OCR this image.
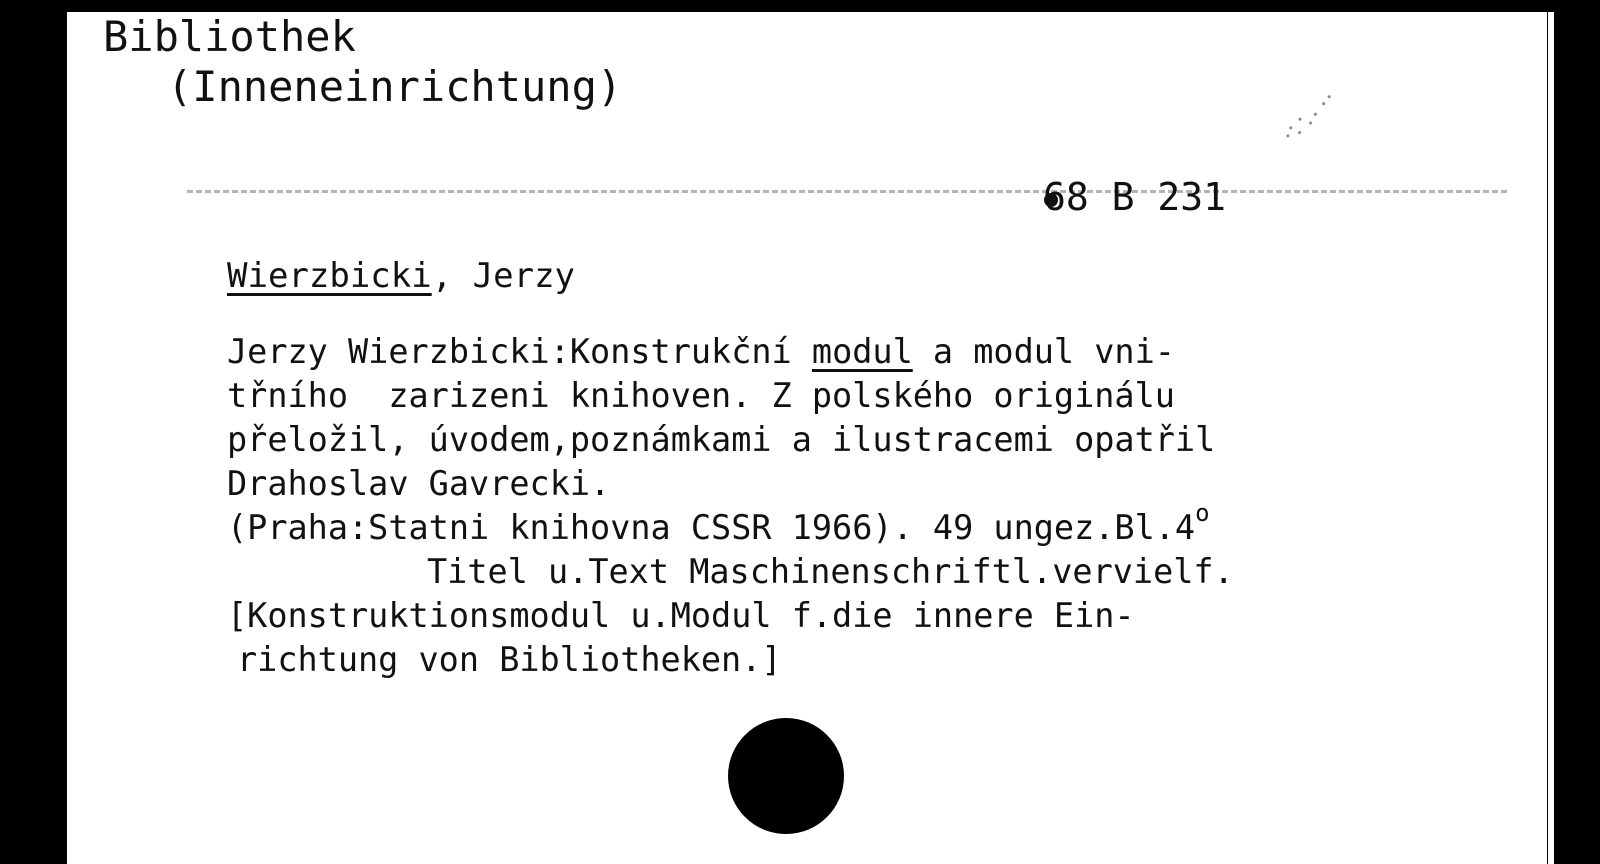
Bibliothek
(Inneneinrichtung)
68 B 231
Wierzbicki, Jerzy
Jerzy Wierzbicki:Konstrukční modul a modul vni-
třního  zarizeni knihoven. Z polského originálu
přeložil, úvodem,poznámkami a ilustracemi opatřil
Drahoslav Gavrecki.
(Praha:Statni knihovna CSSR 1966). 49 ungez.Bl.4$^o$
Titel u.Text Maschinenschriftl.vervielf.
[Konstruktionsmodul u.Modul f.die innere Ein-
richtung von Bibliotheken.]
